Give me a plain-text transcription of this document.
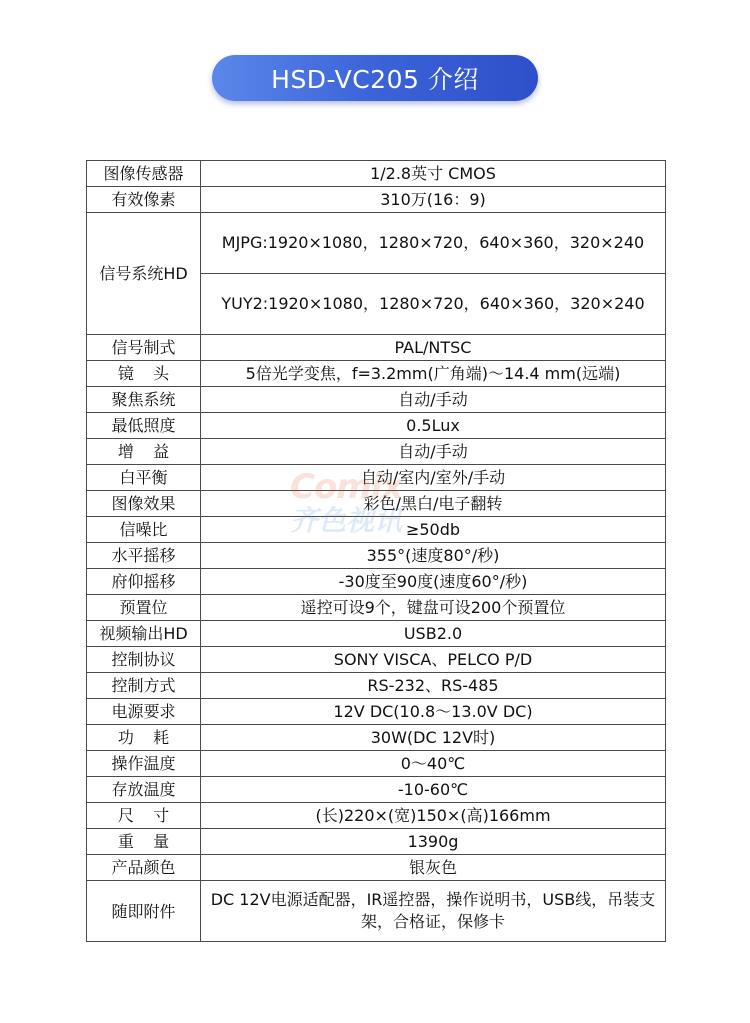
HSD-VC205 介绍
图像传感器	1/2.8英寸 CMOS
有效像素	310万(16：9)
信号系统HD	MJPG:1920×1080，1280×720，640×360，320×240
	YUY2:1920×1080，1280×720，640×360，320×240
信号制式	PAL/NTSC
镜头	5倍光学变焦，f=3.2mm(广角端)～14.4 mm(远端)
聚焦系统	自动/手动
最低照度	0.5Lux
增益	自动/手动
白平衡	自动/室内/室外/手动
图像效果	彩色/黑白/电子翻转
信噪比	≥50db
水平摇移	355°(速度80°/秒)
府仰摇移	-30度至90度(速度60°/秒)
预置位	遥控可设9个，键盘可设200个预置位
视频输出HD	USB2.0
控制协议	SONY VISCA、PELCO P/D
控制方式	RS-232、RS-485
电源要求	12V DC(10.8～13.0V DC)
功耗	30W(DC 12V时)
操作温度	0～40℃
存放温度	-10-60℃
尺寸	(长)220×(宽)150×(高)166mm
重量	1390g
产品颜色	银灰色
随即附件	DC 12V电源适配器，IR遥控器，操作说明书，USB线，吊装支架，合格证，保修卡
Comix
齐色视讯
